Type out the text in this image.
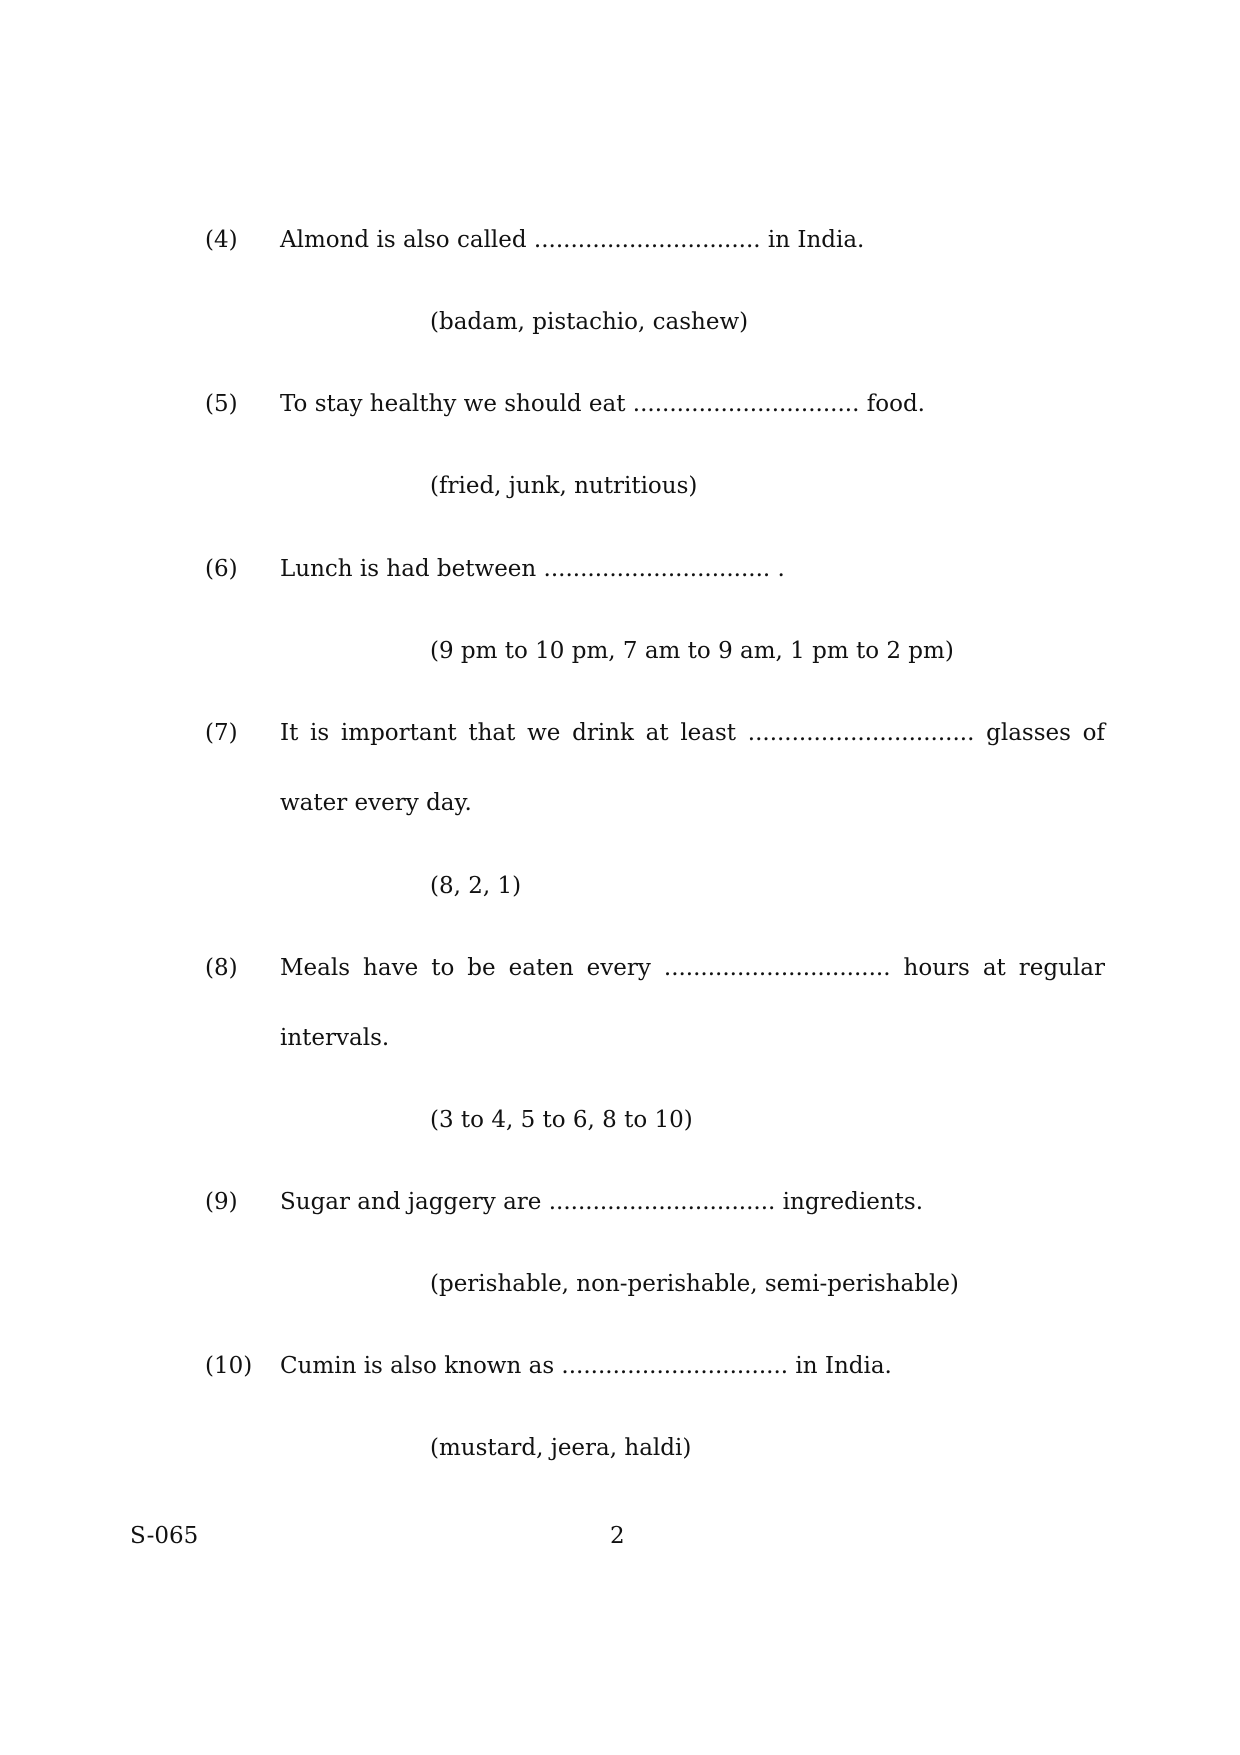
(4)	Almond is also called ............................... in India.
(badam, pistachio, cashew)
(5)	To stay healthy we should eat ............................... food.
(fried, junk, nutritious)
(6)	Lunch is had between ............................... .
(9 pm to 10 pm, 7 am to 9 am, 1 pm to 2 pm)
(7)	It is important that we drink at least ............................... glasses of water every day.
(8, 2, 1)
(8)	Meals have to be eaten every ............................... hours at regular intervals.
(3 to 4, 5 to 6, 8 to 10)
(9)	Sugar and jaggery are ............................... ingredients.
(perishable, non-perishable, semi-perishable)
(10)	Cumin is also known as ............................... in India.
(mustard, jeera, haldi)
S-065	2
